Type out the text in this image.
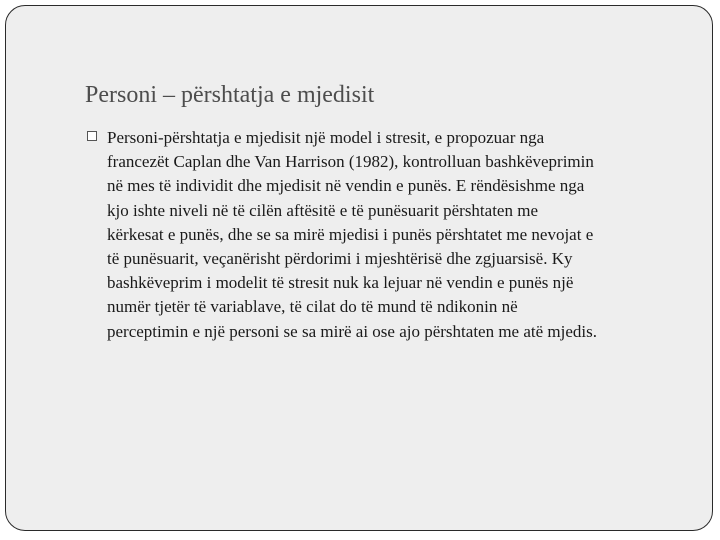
Personi – përshtatja e mjedisit

Personi-përshtatja e mjedisit një model i stresit, e propozuar nga
francezët Caplan dhe Van Harrison (1982), kontrolluan bashkëveprimin
në mes të individit dhe mjedisit në vendin e punës. E rëndësishme nga
kjo ishte niveli në të cilën aftësitë e të punësuarit përshtaten me
kërkesat e punës, dhe se sa mirë mjedisi i punës përshtatet me nevojat e
të punësuarit, veçanërisht përdorimi i mjeshtërisë dhe zgjuarsisë. Ky
bashkëveprim i modelit të stresit nuk ka lejuar në vendin e punës një
numër tjetër të variablave, të cilat do të mund të ndikonin në
perceptimin e një personi se sa mirë ai ose ajo përshtaten me atë mjedis.
